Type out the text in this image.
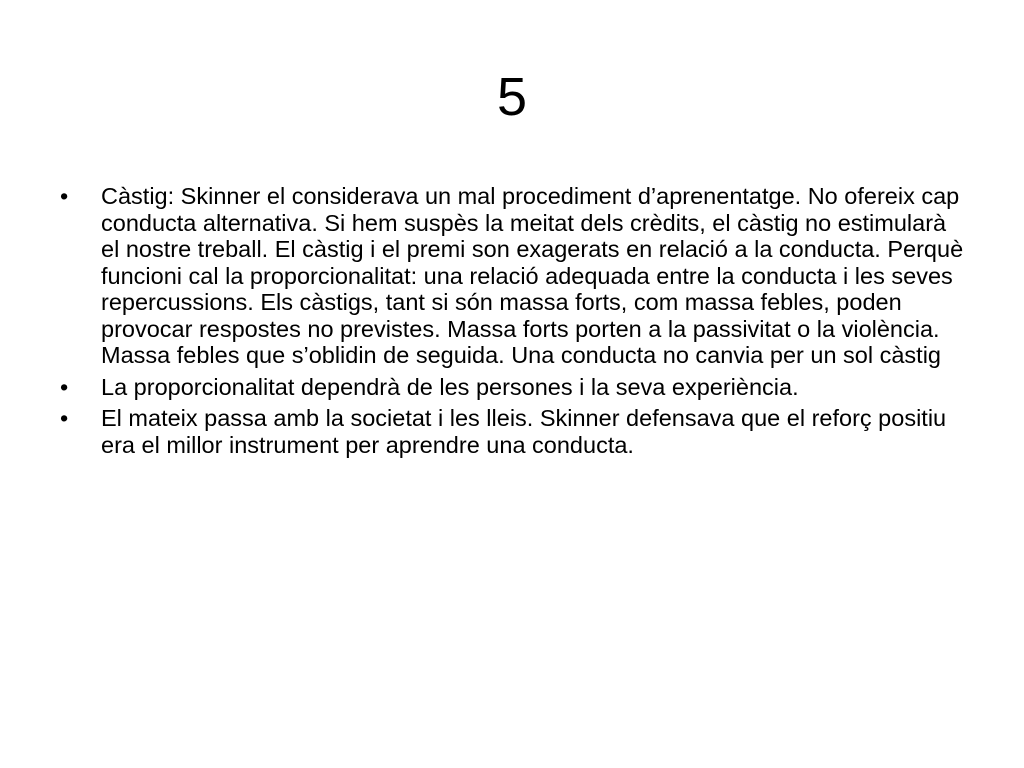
5
• Càstig: Skinner el considerava un mal procediment d’aprenentatge. No ofereix cap conducta alternativa. Si hem suspès la meitat dels crèdits, el càstig no estimularà el nostre treball. El càstig i el premi son exagerats en relació a la conducta. Perquè funcioni cal la proporcionalitat: una relació adequada entre la conducta i les seves repercussions. Els càstigs, tant si són massa forts, com massa febles, poden provocar respostes no previstes. Massa forts porten a la passivitat o la violència. Massa febles que s’oblidin de seguida. Una conducta no canvia per un sol càstig
• La proporcionalitat dependrà de les persones i la seva experiència.
• El mateix passa amb la societat i les lleis. Skinner defensava que el reforç positiu era el millor instrument per aprendre una conducta.
